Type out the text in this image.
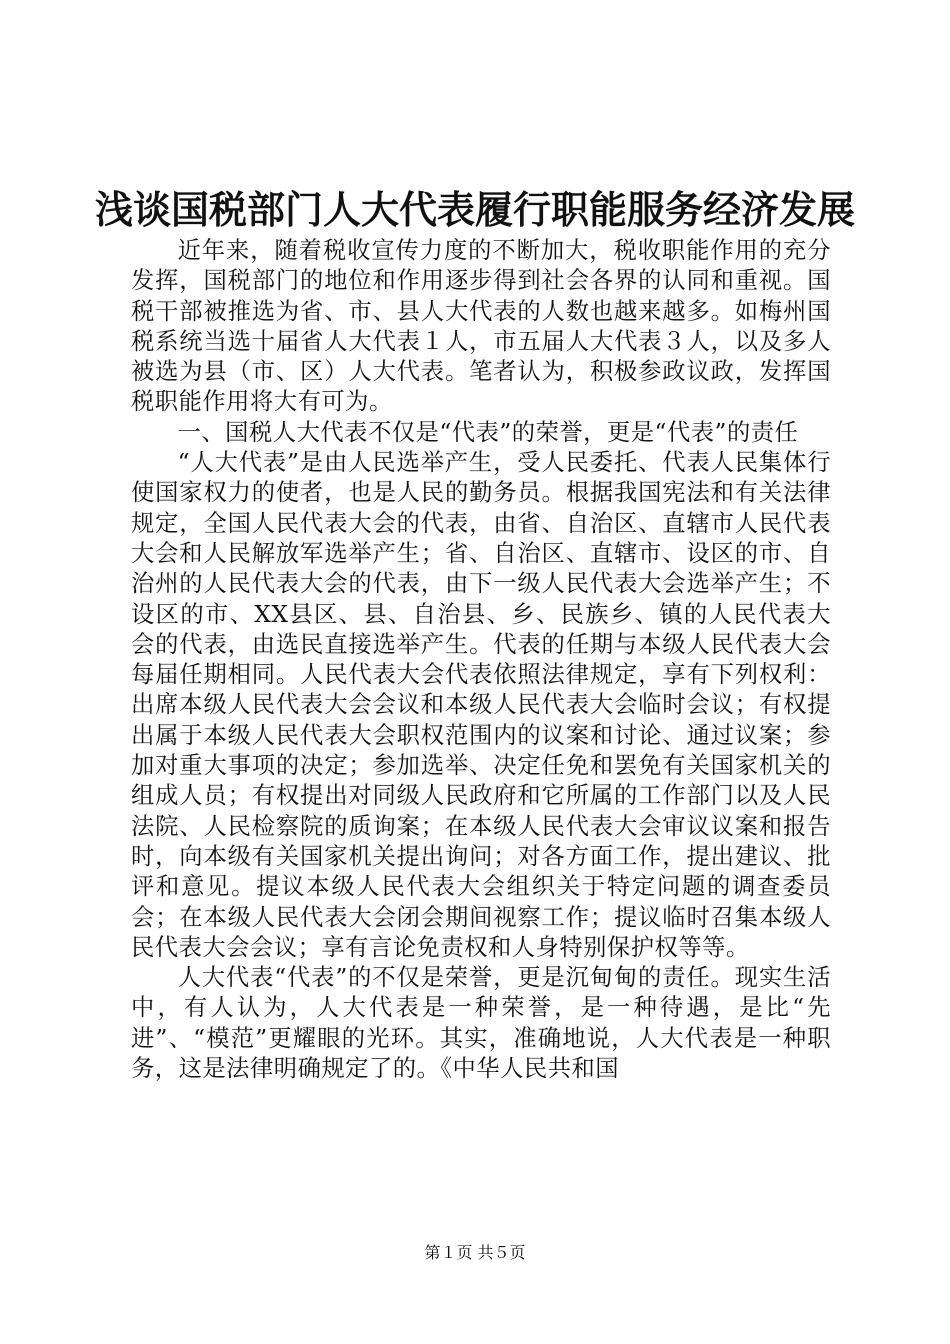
浅谈国税部门人大代表履行职能服务经济发展

近年来，随着税收宣传力度的不断加大，税收职能作用的充分发挥，国税部门的地位和作用逐步得到社会各界的认同和重视。国税干部被推选为省、市、县人大代表的人数也越来越多。如梅州国税系统当选十届省人大代表１人，市五届人大代表３人，以及多人被选为县（市、区）人大代表。笔者认为，积极参政议政，发挥国税职能作用将大有可为。

一、国税人大代表不仅是“代表”的荣誉，更是“代表”的责任

“人大代表”是由人民选举产生，受人民委托、代表人民集体行使国家权力的使者，也是人民的勤务员。根据我国宪法和有关法律规定，全国人民代表大会的代表，由省、自治区、直辖市人民代表大会和人民解放军选举产生；省、自治区、直辖市、设区的市、自治州的人民代表大会的代表，由下一级人民代表大会选举产生；不设区的市、XX县区、县、自治县、乡、民族乡、镇的人民代表大会的代表，由选民直接选举产生。代表的任期与本级人民代表大会每届任期相同。人民代表大会代表依照法律规定，享有下列权利：出席本级人民代表大会会议和本级人民代表大会临时会议；有权提出属于本级人民代表大会职权范围内的议案和讨论、通过议案；参加对重大事项的决定；参加选举、决定任免和罢免有关国家机关的组成人员；有权提出对同级人民政府和它所属的工作部门以及人民法院、人民检察院的质询案；在本级人民代表大会审议议案和报告时，向本级有关国家机关提出询问；对各方面工作，提出建议、批评和意见。提议本级人民代表大会组织关于特定问题的调查委员会；在本级人民代表大会闭会期间视察工作；提议临时召集本级人民代表大会会议；享有言论免责权和人身特别保护权等等。

人大代表“代表”的不仅是荣誉，更是沉甸甸的责任。现实生活中，有人认为，人大代表是一种荣誉，是一种待遇，是比“先进”、“模范”更耀眼的光环。其实，准确地说，人大代表是一种职务，这是法律明确规定了的。《中华人民共和国

第１页 共５页
